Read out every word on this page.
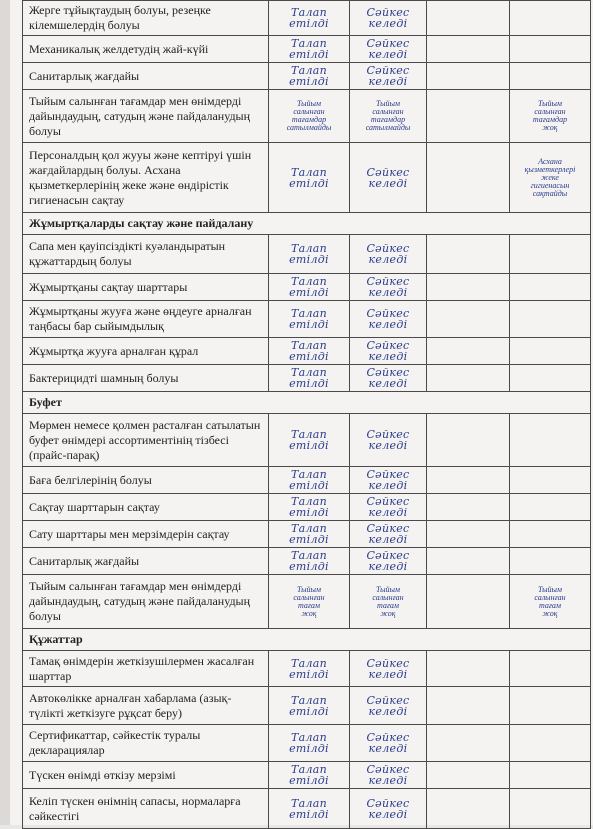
Жерге тұйықтаудың болуы, резеңке кілемшелердің болуы	Талап
етілді	Сәйкес
келеді		

Механикалық желдетудің жай-күйі	Талап
етілді	Сәйкес
келеді		

Санитарлық жағдайы	Талап
етілді	Сәйкес
келеді		

Тыйым салынған тағамдар мен өнімдерді дайындаудың, сатудың және пайдаланудың болуы	Тыйым
салынған
тағамдар
сатылмайды	Тыйым
салынған
тағамдар
сатылмайды		Тыйым
салынған
тағамдар
жоқ

Персоналдың қол жууы және кептіруі үшін жағдайлардың болуы. Асхана қызметкерлерінің жеке және өндірістік гигиенасын сақтау	Талап
етілді	Сәйкес
келеді		Асхана
қызметкерлері
жеке
гигиенасын
сақтайды

Жұмыртқаларды сақтау және пайдалану				
Сапа мен қауіпсіздікті куәландыратын құжаттардың болуы	Талап
етілді	Сәйкес
келеді		

Жұмыртқаны сақтау шарттары	Талап
етілді	Сәйкес
келеді		

Жұмыртқаны жууға және өңдеуге арналған таңбасы бар сыйымдылық	Талап
етілді	Сәйкес
келеді		

Жұмыртқа жууға арналған құрал	Талап
етілді	Сәйкес
келеді		

Бактерицидті шамның болуы	Талап
етілді	Сәйкес
келеді		

Буфет				
Мөрмен немесе қолмен расталған сатылатын буфет өнімдері ассортиментінің тізбесі (прайс-парақ)	Талап
етілді	Сәйкес
келеді		

Баға белгілерінің болуы	Талап
етілді	Сәйкес
келеді		

Сақтау шарттарын сақтау	Талап
етілді	Сәйкес
келеді		

Сату шарттары мен мерзімдерін сақтау	Талап
етілді	Сәйкес
келеді		

Санитарлық жағдайы	Талап
етілді	Сәйкес
келеді		

Тыйым салынған тағамдар мен өнімдерді дайындаудың, сатудың және пайдаланудың болуы	Тыйым
салынған
тағам
жоқ	Тыйым
салынған
тағам
жоқ		Тыйым
салынған
тағам
жоқ

Құжаттар				
Тамақ өнімдерін жеткізушілермен жасалған шарттар	Талап
етілді	Сәйкес
келеді		

Автокөлікке арналған хабарлама (азық-түлікті жеткізуге рұқсат беру)	Талап
етілді	Сәйкес
келеді		

Сертификаттар, сәйкестік туралы декларациялар	Талап
етілді	Сәйкес
келеді		

Түскен өнімді өткізу мерзімі	Талап
етілді	Сәйкес
келеді		

Келіп түскен өнімнің сапасы, нормаларға сәйкестігі	Талап
етілді	Сәйкес
келеді		
